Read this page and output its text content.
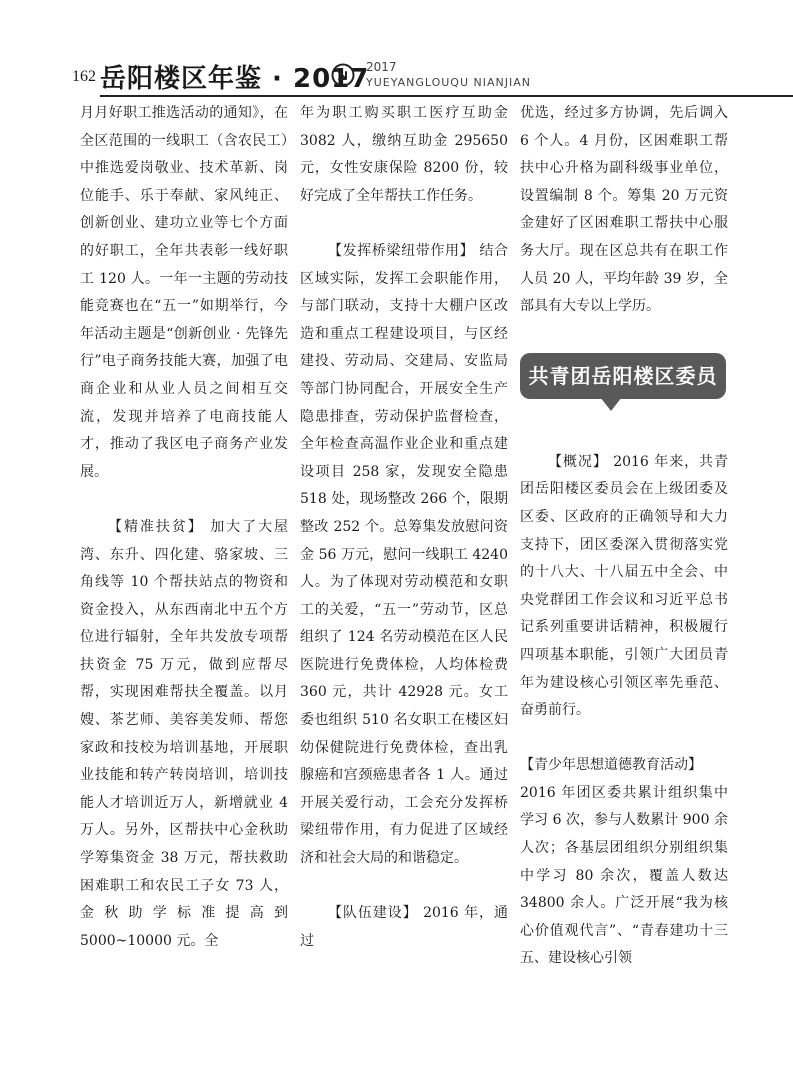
162 岳阳楼区年鉴 · 2017
2017
YUEYANGLOUQU NIANJIAN

月月好职工推选活动的通知》，在全区范围的一线职工（含农民工）中推选爱岗敬业、技术革新、岗位能手、乐于奉献、家风纯正、创新创业、建功立业等七个方面的好职工，全年共表彰一线好职工 120 人。一年一主题的劳动技能竞赛也在“五一”如期举行，今年活动主题是“创新创业 · 先锋先行”电子商务技能大赛，加强了电商企业和从业人员之间相互交流，发现并培养了电商技能人才，推动了我区电子商务产业发展。

【精准扶贫】 加大了大屋湾、东升、四化建、骆家坡、三角线等 10 个帮扶站点的物资和资金投入，从东西南北中五个方位进行辐射，全年共发放专项帮扶资金 75 万元，做到应帮尽帮，实现困难帮扶全覆盖。以月嫂、茶艺师、美容美发师、帮您家政和技校为培训基地，开展职业技能和转产转岗培训，培训技能人才培训近万人，新增就业 4 万人。另外，区帮扶中心金秋助学筹集资金 38 万元，帮扶救助困难职工和农民工子女 73 人，金秋助学标准提高到 5000~10000 元。全

年为职工购买职工医疗互助金 3082 人，缴纳互助金 295650 元，女性安康保险 8200 份，较好完成了全年帮扶工作任务。

【发挥桥梁纽带作用】 结合区域实际，发挥工会职能作用，与部门联动，支持十大棚户区改造和重点工程建设项目，与区经建投、劳动局、交建局、安监局等部门协同配合，开展安全生产隐患排查，劳动保护监督检查，全年检查高温作业企业和重点建设项目 258 家，发现安全隐患 518 处，现场整改 266 个，限期整改 252 个。总筹集发放慰问资金 56 万元，慰问一线职工 4240 人。为了体现对劳动模范和女职工的关爱，“五一”劳动节，区总组织了 124 名劳动模范在区人民医院进行免费体检，人均体检费 360 元，共计 42928 元。女工委也组织 510 名女职工在楼区妇幼保健院进行免费体检，查出乳腺癌和宫颈癌患者各 1 人。通过开展关爱行动，工会充分发挥桥梁纽带作用，有力促进了区域经济和社会大局的和谐稳定。

【队伍建设】 2016 年，通过

优选，经过多方协调，先后调入 6 个人。4 月份，区困难职工帮扶中心升格为副科级事业单位，设置编制 8 个。筹集 20 万元资金建好了区困难职工帮扶中心服务大厅。现在区总共有在职工作人员 20 人，平均年龄 39 岁，全部具有大专以上学历。

共青团岳阳楼区委员会

【概况】 2016 年来，共青团岳阳楼区委员会在上级团委及区委、区政府的正确领导和大力支持下，团区委深入贯彻落实党的十八大、十八届五中全会、中央党群团工作会议和习近平总书记系列重要讲话精神，积极履行四项基本职能，引领广大团员青年为建设核心引领区率先垂范、奋勇前行。

【青少年思想道德教育活动】

2016 年团区委共累计组织集中学习 6 次，参与人数累计 900 余人次；各基层团组织分别组织集中学习 80 余次，覆盖人数达 34800 余人。广泛开展“我为核心价值观代言”、“青春建功十三五、建设核心引领
